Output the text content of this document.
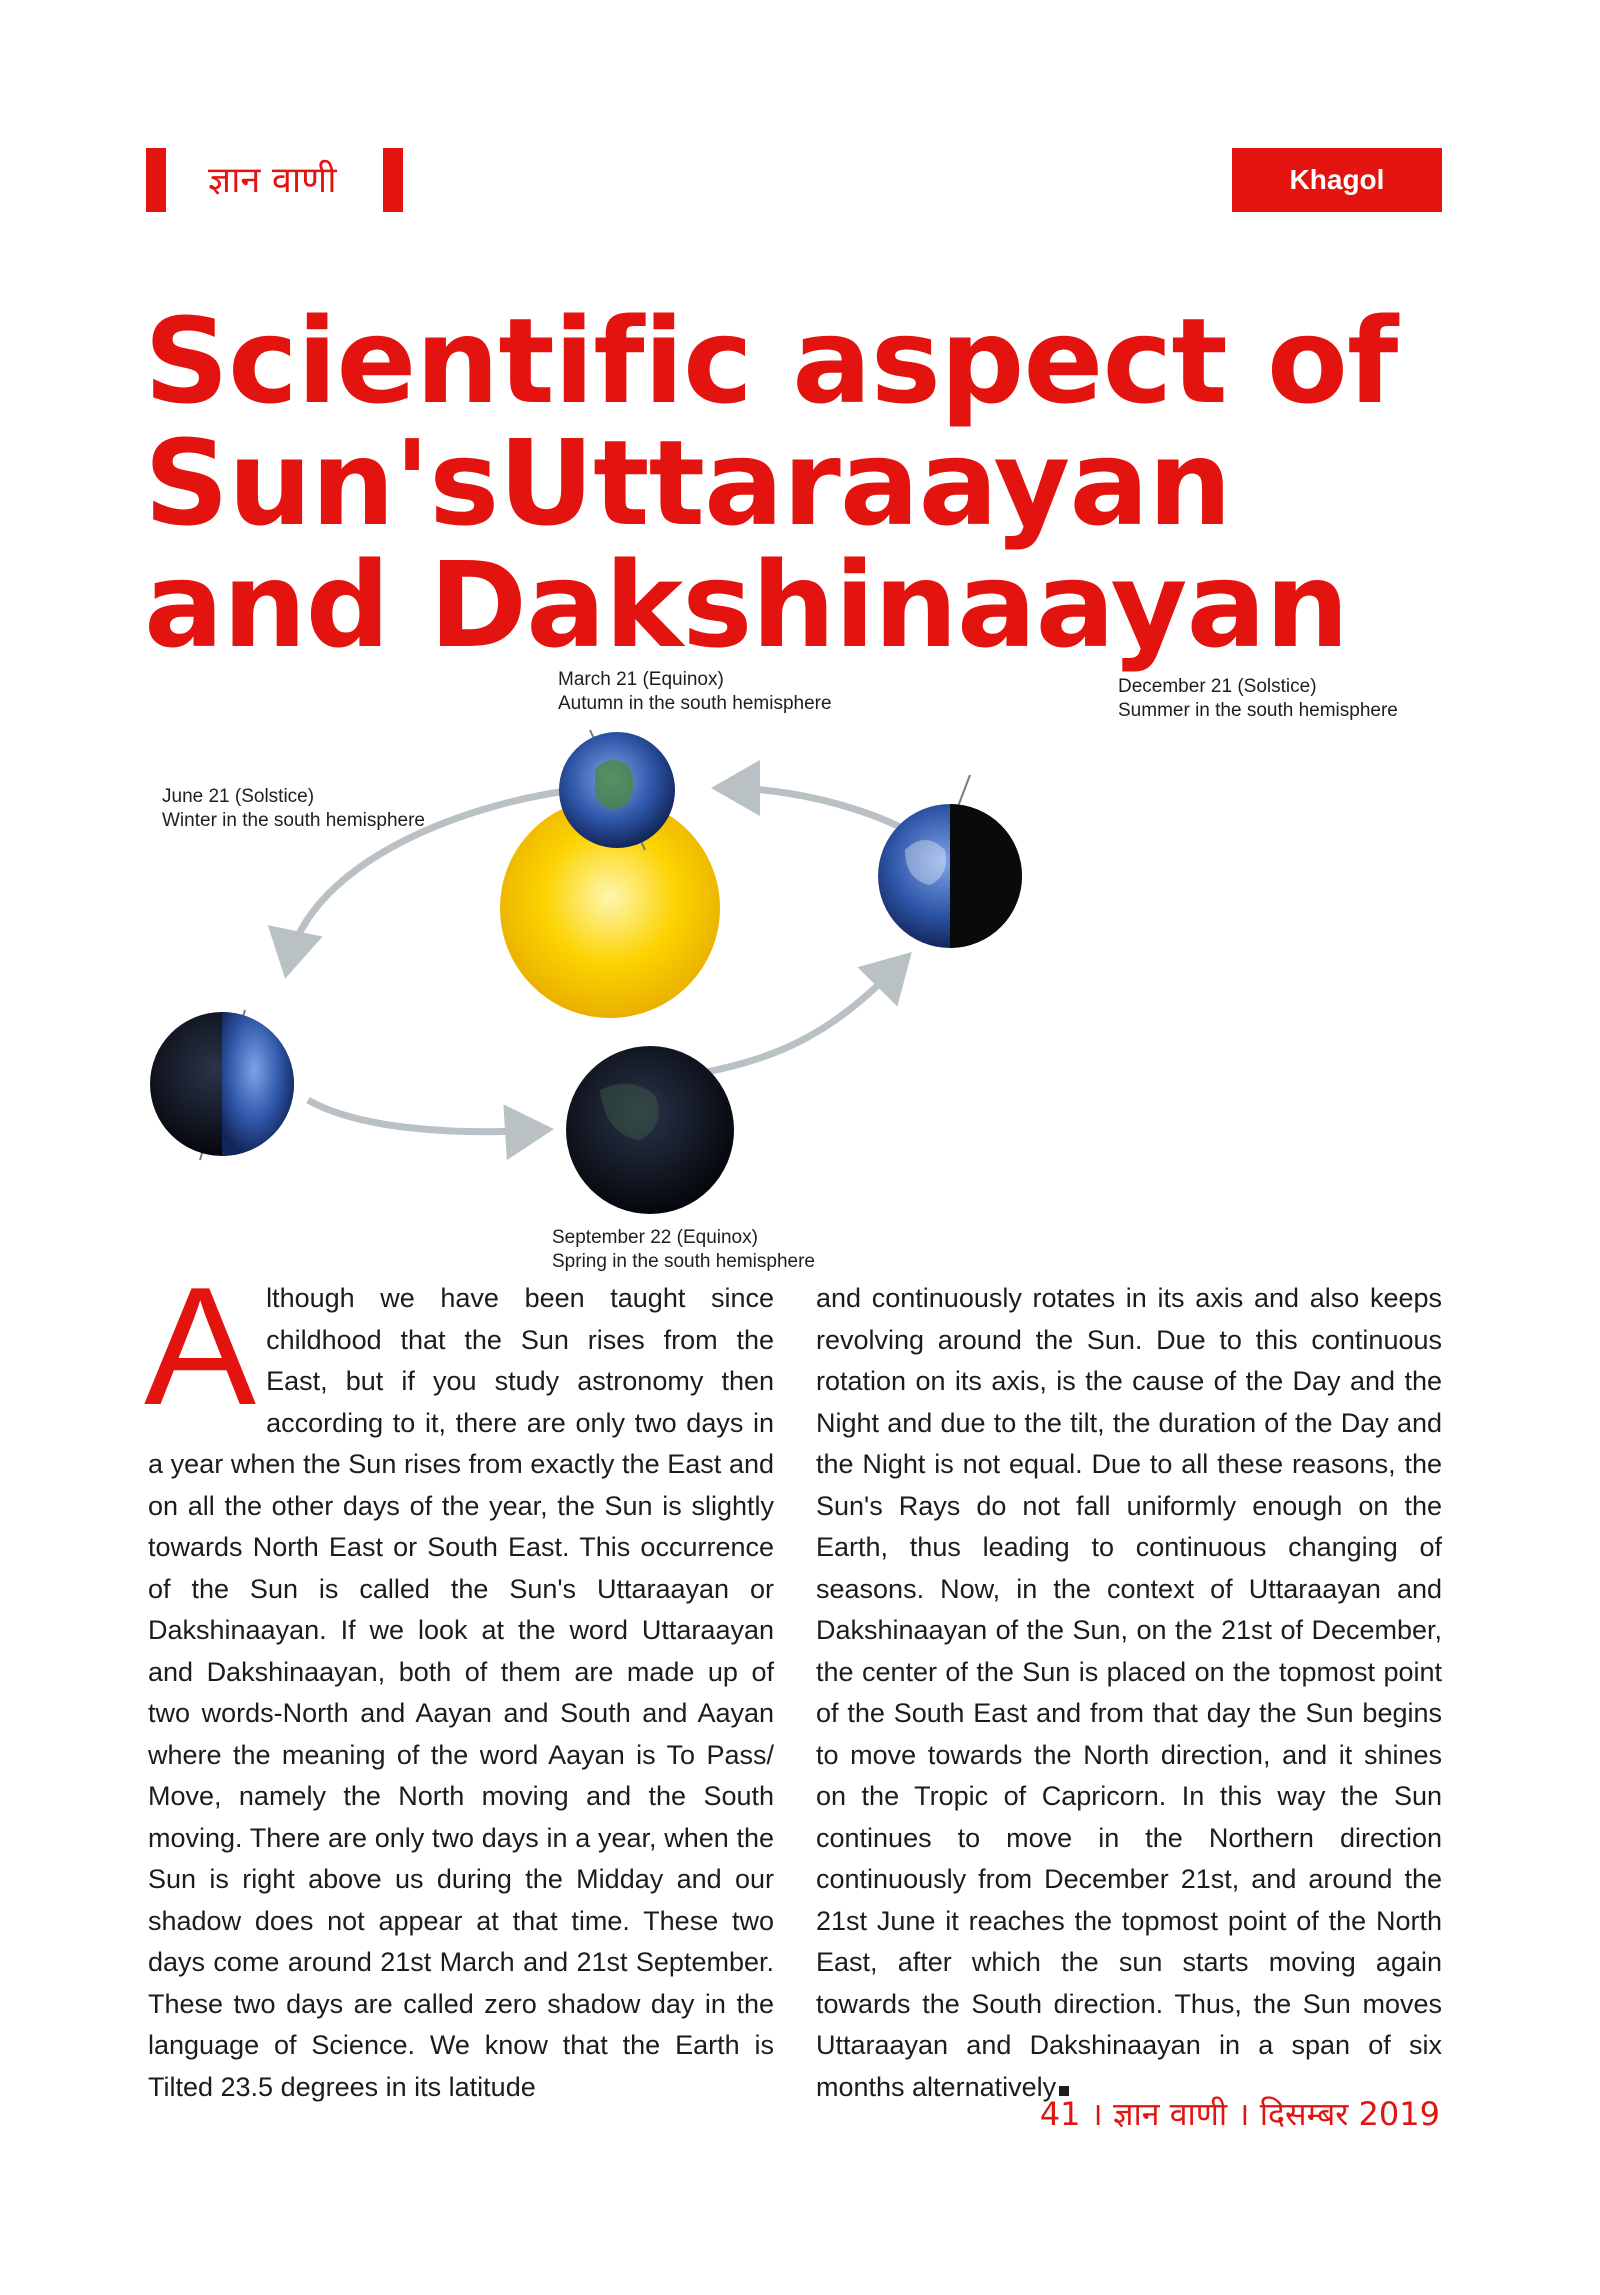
ज्ञान वाणी	Khagol
Scientific aspect of Sun'sUttaraayan and Dakshinaayan
March 21 (Equinox)
Autumn in the south hemisphere
December 21 (Solstice)
Summer in the south hemisphere
June 21 (Solstice)
Winter in the south hemisphere
September 22 (Equinox)
Spring in the south hemisphere
Although we have been taught since childhood that the Sun rises from the East, but if you study astronomy then according to it, there are only two days in a year when the Sun rises from exactly the East and on all the other days of the year, the Sun is slightly towards North East or South East. This occurrence of the Sun is called the Sun's Uttaraayan or Dakshinaayan. If we look at the word Uttaraayan and Dakshinaayan, both of them are made up of two words-North and Aayan and South and Aayan where the meaning of the word Aayan is To Pass/ Move, namely the North moving and the South moving. There are only two days in a year, when the Sun is right above us during the Midday and our shadow does not appear at that time. These two days come around 21st March and 21st September. These two days are called zero shadow day in the language of Science. We know that the Earth is Tilted 23.5 degrees in its latitude
and continuously rotates in its axis and also keeps revolving around the Sun. Due to this continuous rotation on its axis, is the cause of the Day and the Night and due to the tilt, the duration of the Day and the Night is not equal. Due to all these reasons, the Sun's Rays do not fall uniformly enough on the Earth, thus leading to continuous changing of seasons. Now, in the context of Uttaraayan and Dakshinaayan of the Sun, on the 21st of December, the center of the Sun is placed on the topmost point of the South East and from that day the Sun begins to move towards the North direction, and it shines on the Tropic of Capricorn. In this way the Sun continues to move in the Northern direction continuously from December 21st, and around the 21st June it reaches the topmost point of the North East, after which the sun starts moving again towards the South direction. Thus, the Sun moves Uttaraayan and Dakshinaayan in a span of six months alternatively
41 । ज्ञान वाणी । दिसम्बर 2019
